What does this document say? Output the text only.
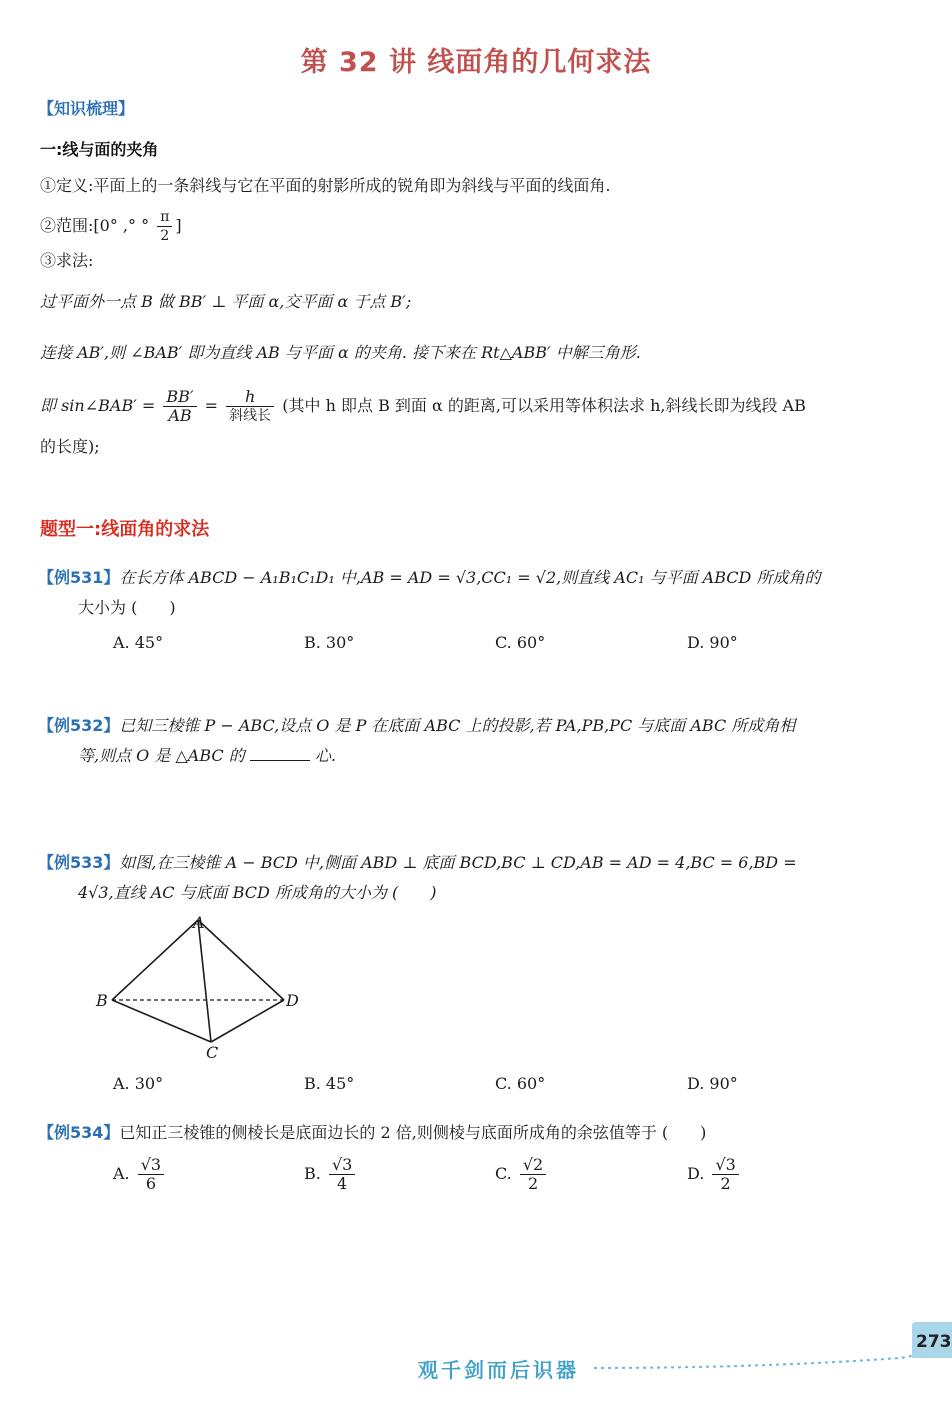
第 32 讲 线面角的几何求法
【知识梳理】
一:线与面的夹角
①定义:平面上的一条斜线与它在平面的射影所成的锐角即为斜线与平面的线面角.
②范围:[0° ,° ° $\frac{\pi}{2}$ ]
③求法:
过平面外一点 B 做 BB′ ⊥ 平面 α,交平面 α 于点 B′;
连接 AB′,则 ∠BAB′ 即为直线 AB 与平面 α 的夹角. 接下来在 Rt△ABB′ 中解三角形.
即 sin∠BAB′ = $\frac{BB'}{AB} = \frac{h}{\text{斜线长}}$ (其中 h 即点 B 到面 α 的距离,可以采用等体积法求 h,斜线长即为线段 AB
的长度);
题型一:线面角的求法
【例531】在长方体 ABCD − A₁B₁C₁D₁ 中,AB = AD = √3,CC₁ = √2,则直线 AC₁ 与平面 ABCD 所成角的
大小为 (　　)
A. 45°	B. 30°	C. 60°	D. 90°
【例532】已知三棱锥 P − ABC,设点 O 是 P 在底面 ABC 上的投影,若 PA,PB,PC 与底面 ABC 所成角相
等,则点 O 是 △ABC 的	心.
【例533】如图,在三棱锥 A − BCD 中,侧面 ABD ⊥ 底面 BCD,BC ⊥ CD,AB = AD = 4,BC = 6,BD =
4√3,直线 AC 与底面 BCD 所成角的大小为 (　　)
A
B
C
D
A. 30°	B. 45°	C. 60°	D. 90°
【例534】已知正三棱锥的侧棱长是底面边长的 2 倍,则侧棱与底面所成角的余弦值等于 (　　)
A. $\frac{√3}{6}$	B. $\frac{√3}{4}$	C. $\frac{√2}{2}$	D. $\frac{√3}{2}$
观千剑而后识器
273
